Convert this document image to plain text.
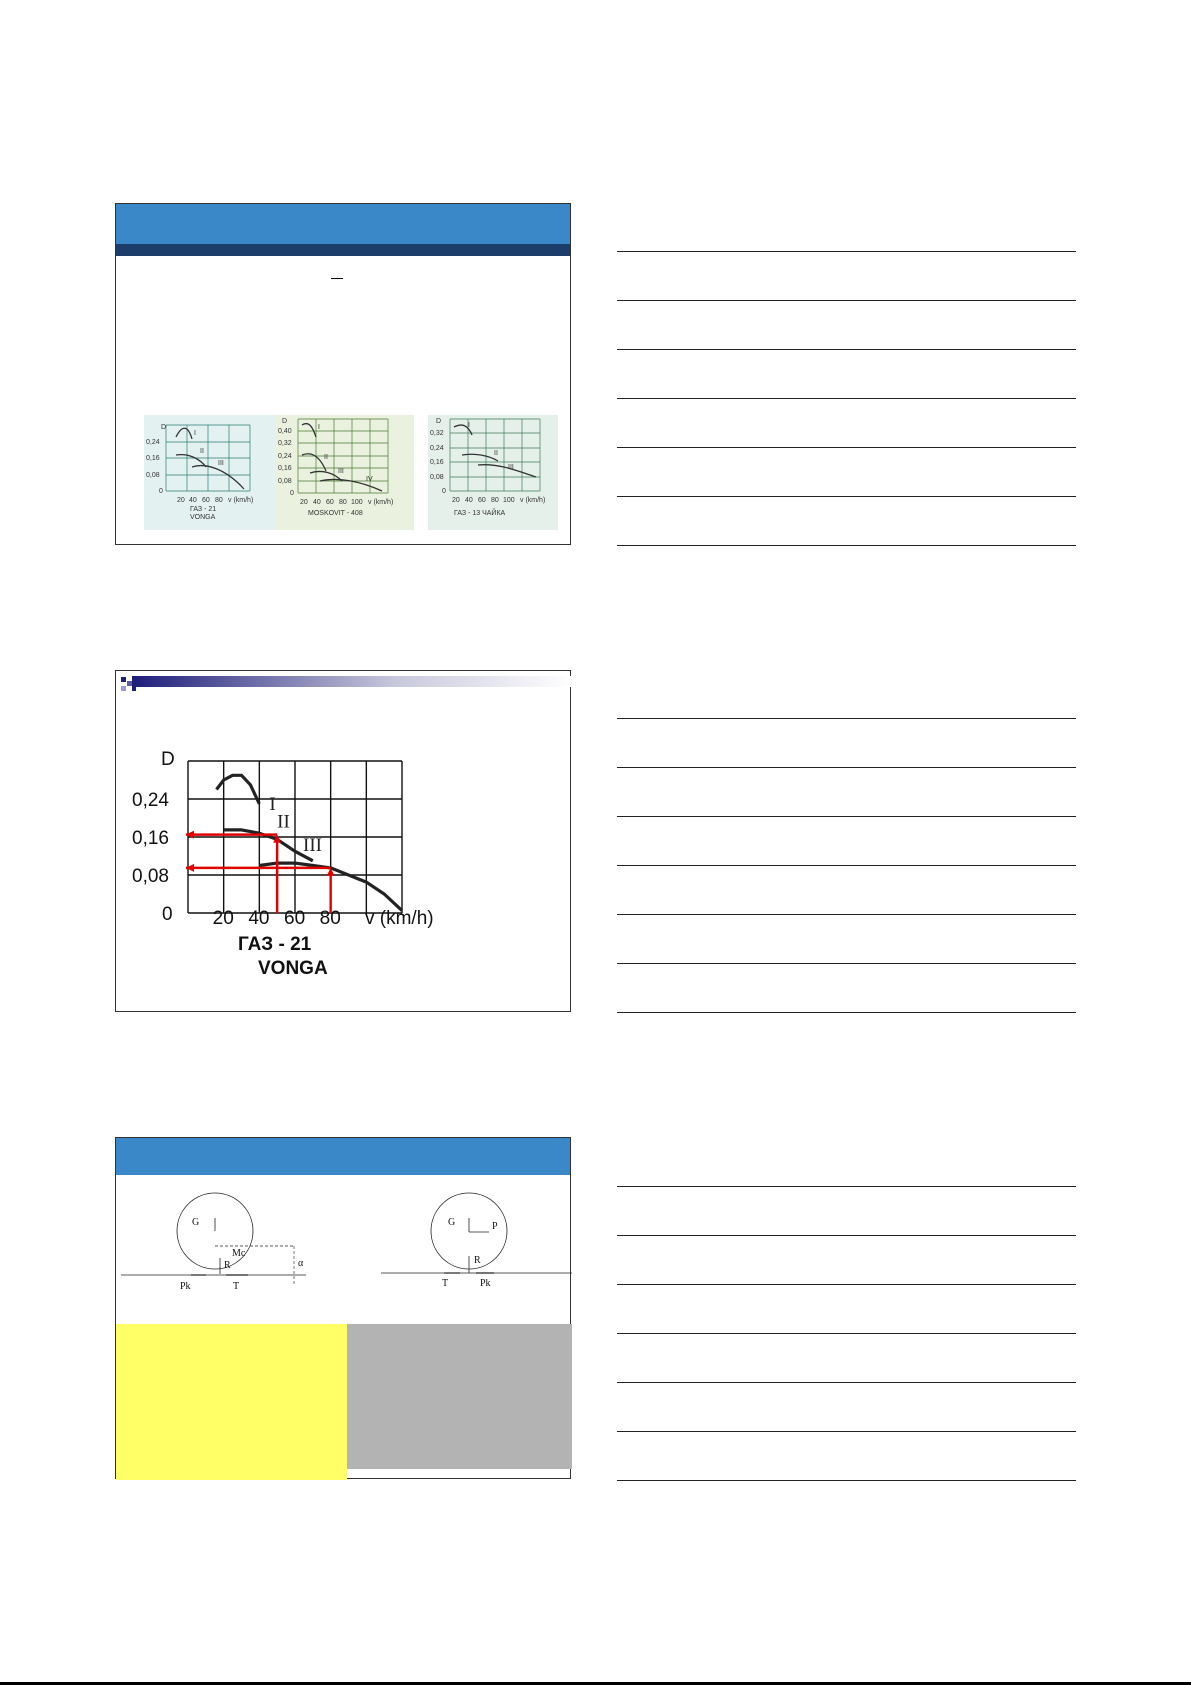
D
0,24
0,16
0,08
0
20 40 60 80 v (km/h)
I
II
III
ГАЗ - 21
VONGA
D
0,40
0,32
0,24
0,16
0,08
0
20 40 60 80 100 v (km/h)
I
II
III
IV
MOSKOVIT - 408
D
0,32
0,24
0,16
0,08
0
20 40 60 80 100 v (km/h)
I
II
III
ГАЗ - 13 ЧАЙКА
I
II
III
0
0,08
0,16
0,24
20 40 60 80
D
v (km/h)
ГАЗ - 21
VONGA
G
Mc
R	α
Pk	T
G	P
R
T	Pk
